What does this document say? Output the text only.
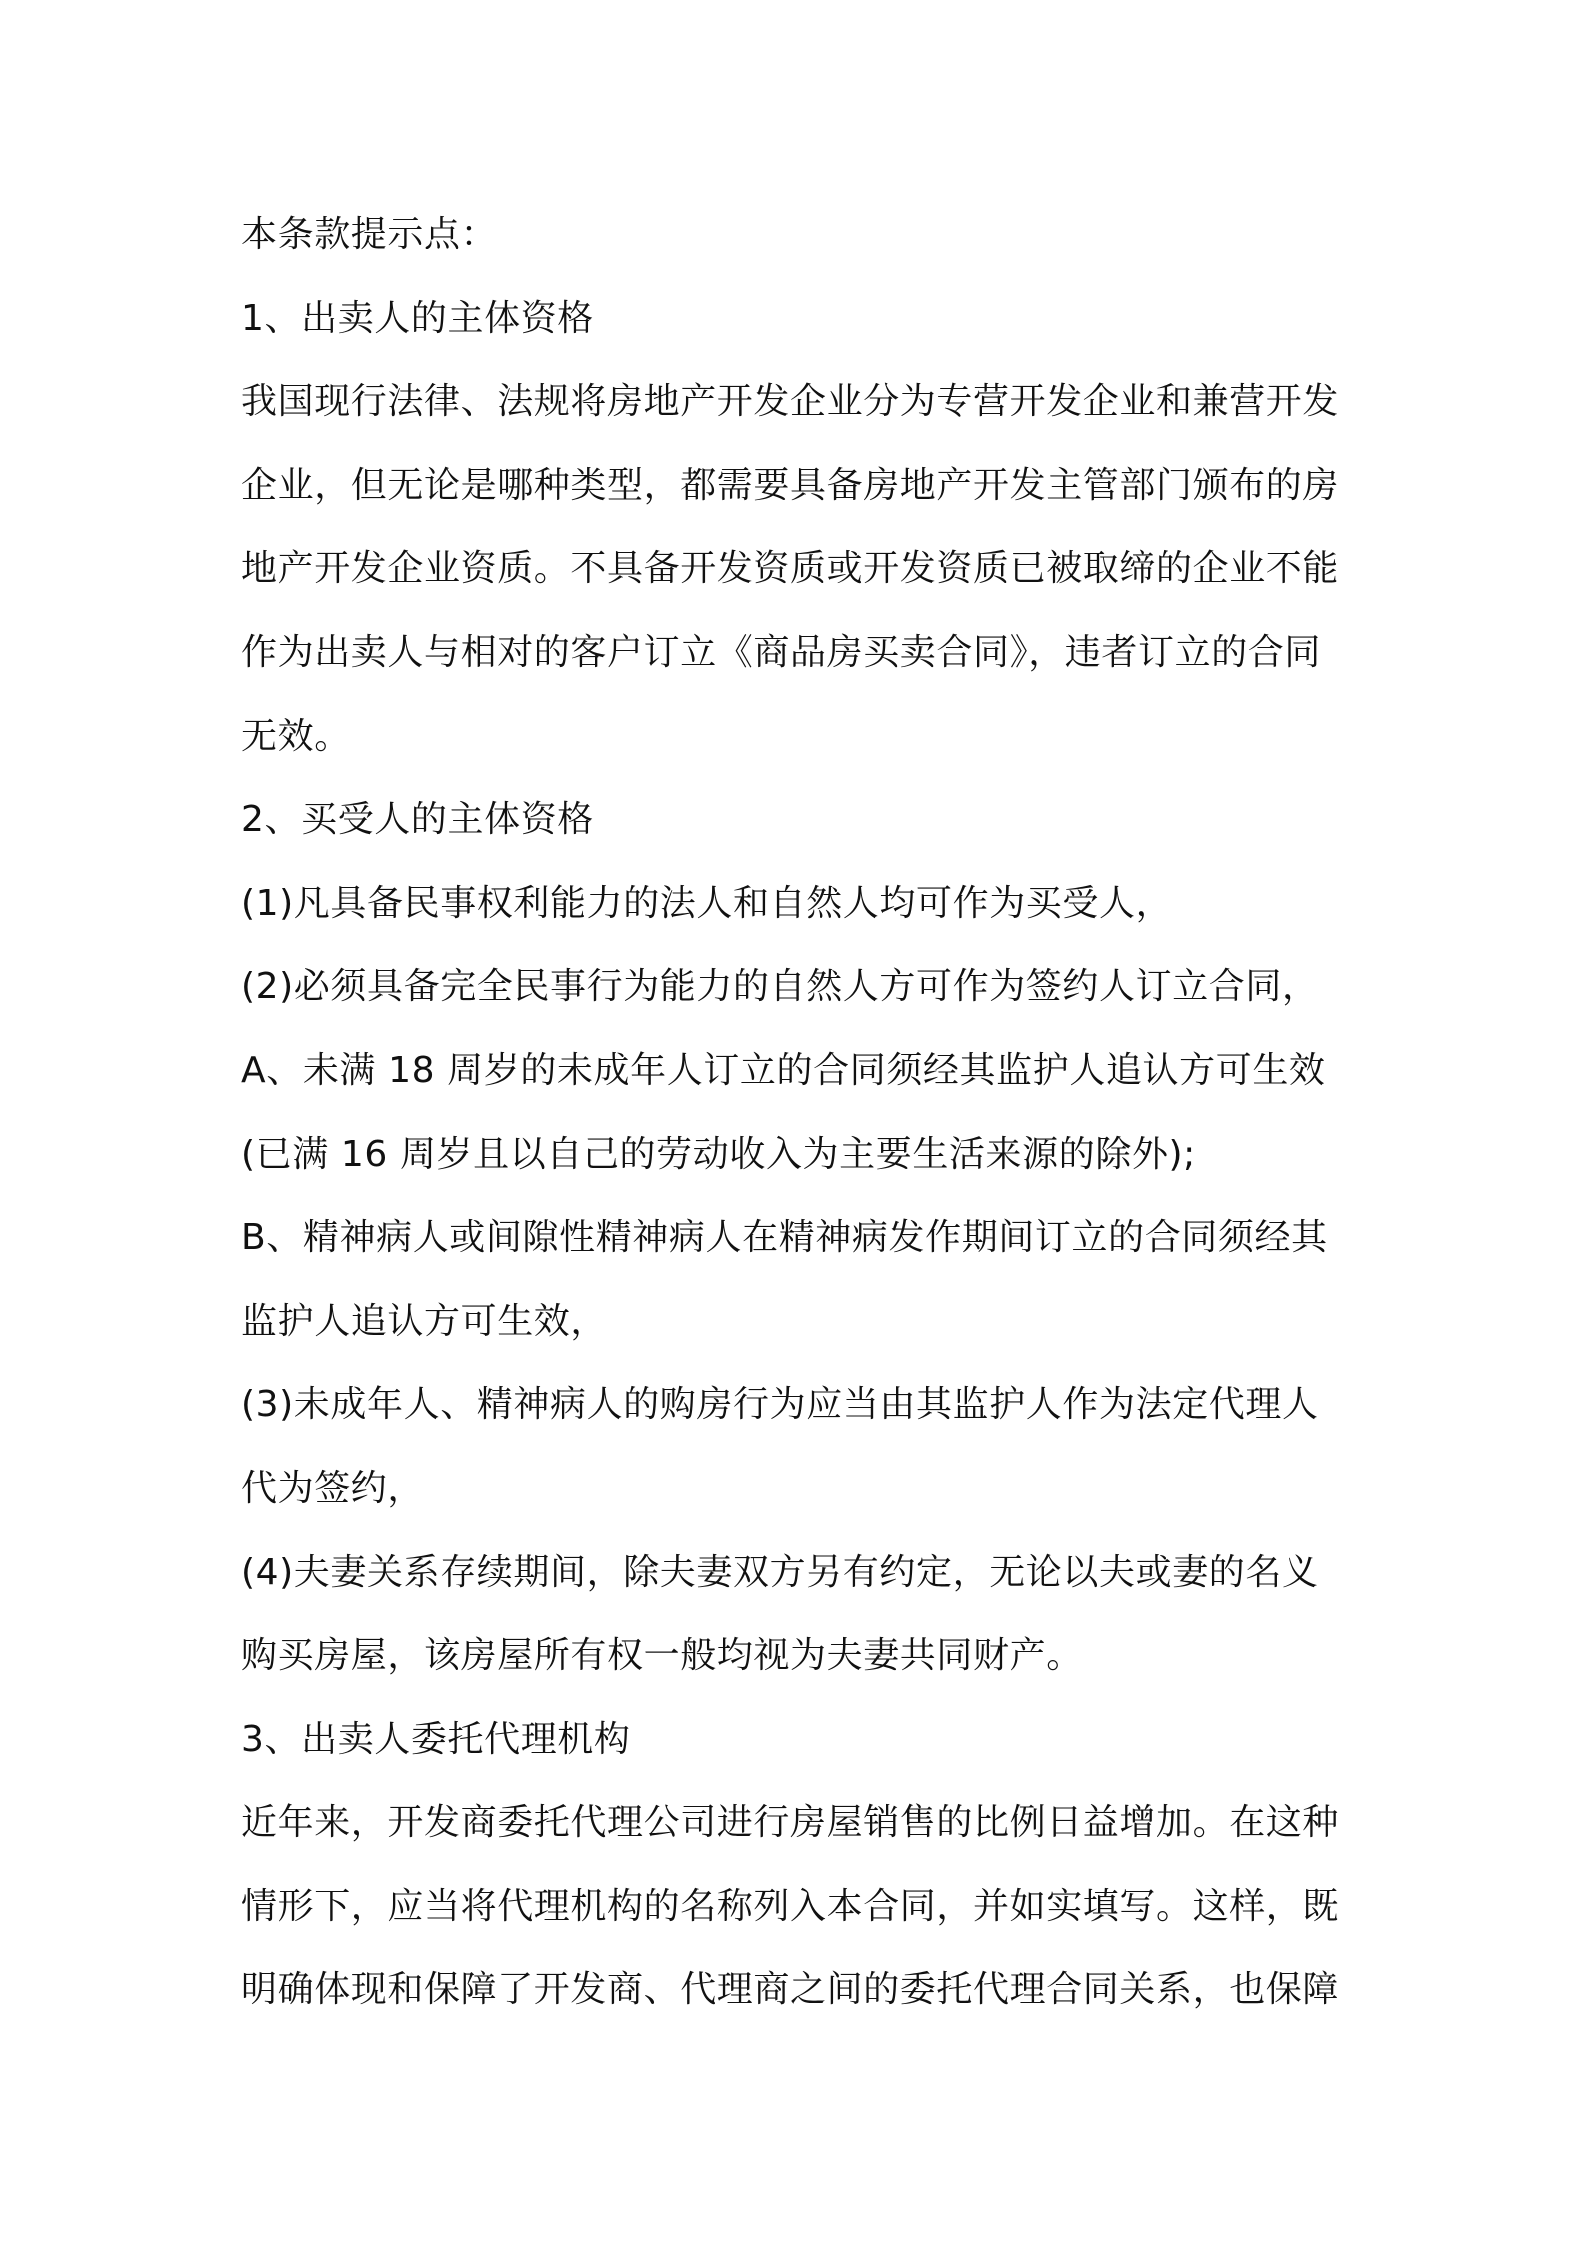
本条款提示点：
1、出卖人的主体资格
我国现行法律、法规将房地产开发企业分为专营开发企业和兼营开发
企业，但无论是哪种类型，都需要具备房地产开发主管部门颁布的房
地产开发企业资质。不具备开发资质或开发资质已被取缔的企业不能
作为出卖人与相对的客户订立《商品房买卖合同》，违者订立的合同
无效。
2、买受人的主体资格
(1)凡具备民事权利能力的法人和自然人均可作为买受人，
(2)必须具备完全民事行为能力的自然人方可作为签约人订立合同，
A、未满 18 周岁的未成年人订立的合同须经其监护人追认方可生效
(已满 16 周岁且以自己的劳动收入为主要生活来源的除外);
B、精神病人或间隙性精神病人在精神病发作期间订立的合同须经其
监护人追认方可生效，
(3)未成年人、精神病人的购房行为应当由其监护人作为法定代理人
代为签约，
(4)夫妻关系存续期间，除夫妻双方另有约定，无论以夫或妻的名义
购买房屋，该房屋所有权一般均视为夫妻共同财产。
3、出卖人委托代理机构
近年来，开发商委托代理公司进行房屋销售的比例日益增加。在这种
情形下，应当将代理机构的名称列入本合同，并如实填写。这样，既
明确体现和保障了开发商、代理商之间的委托代理合同关系，也保障
